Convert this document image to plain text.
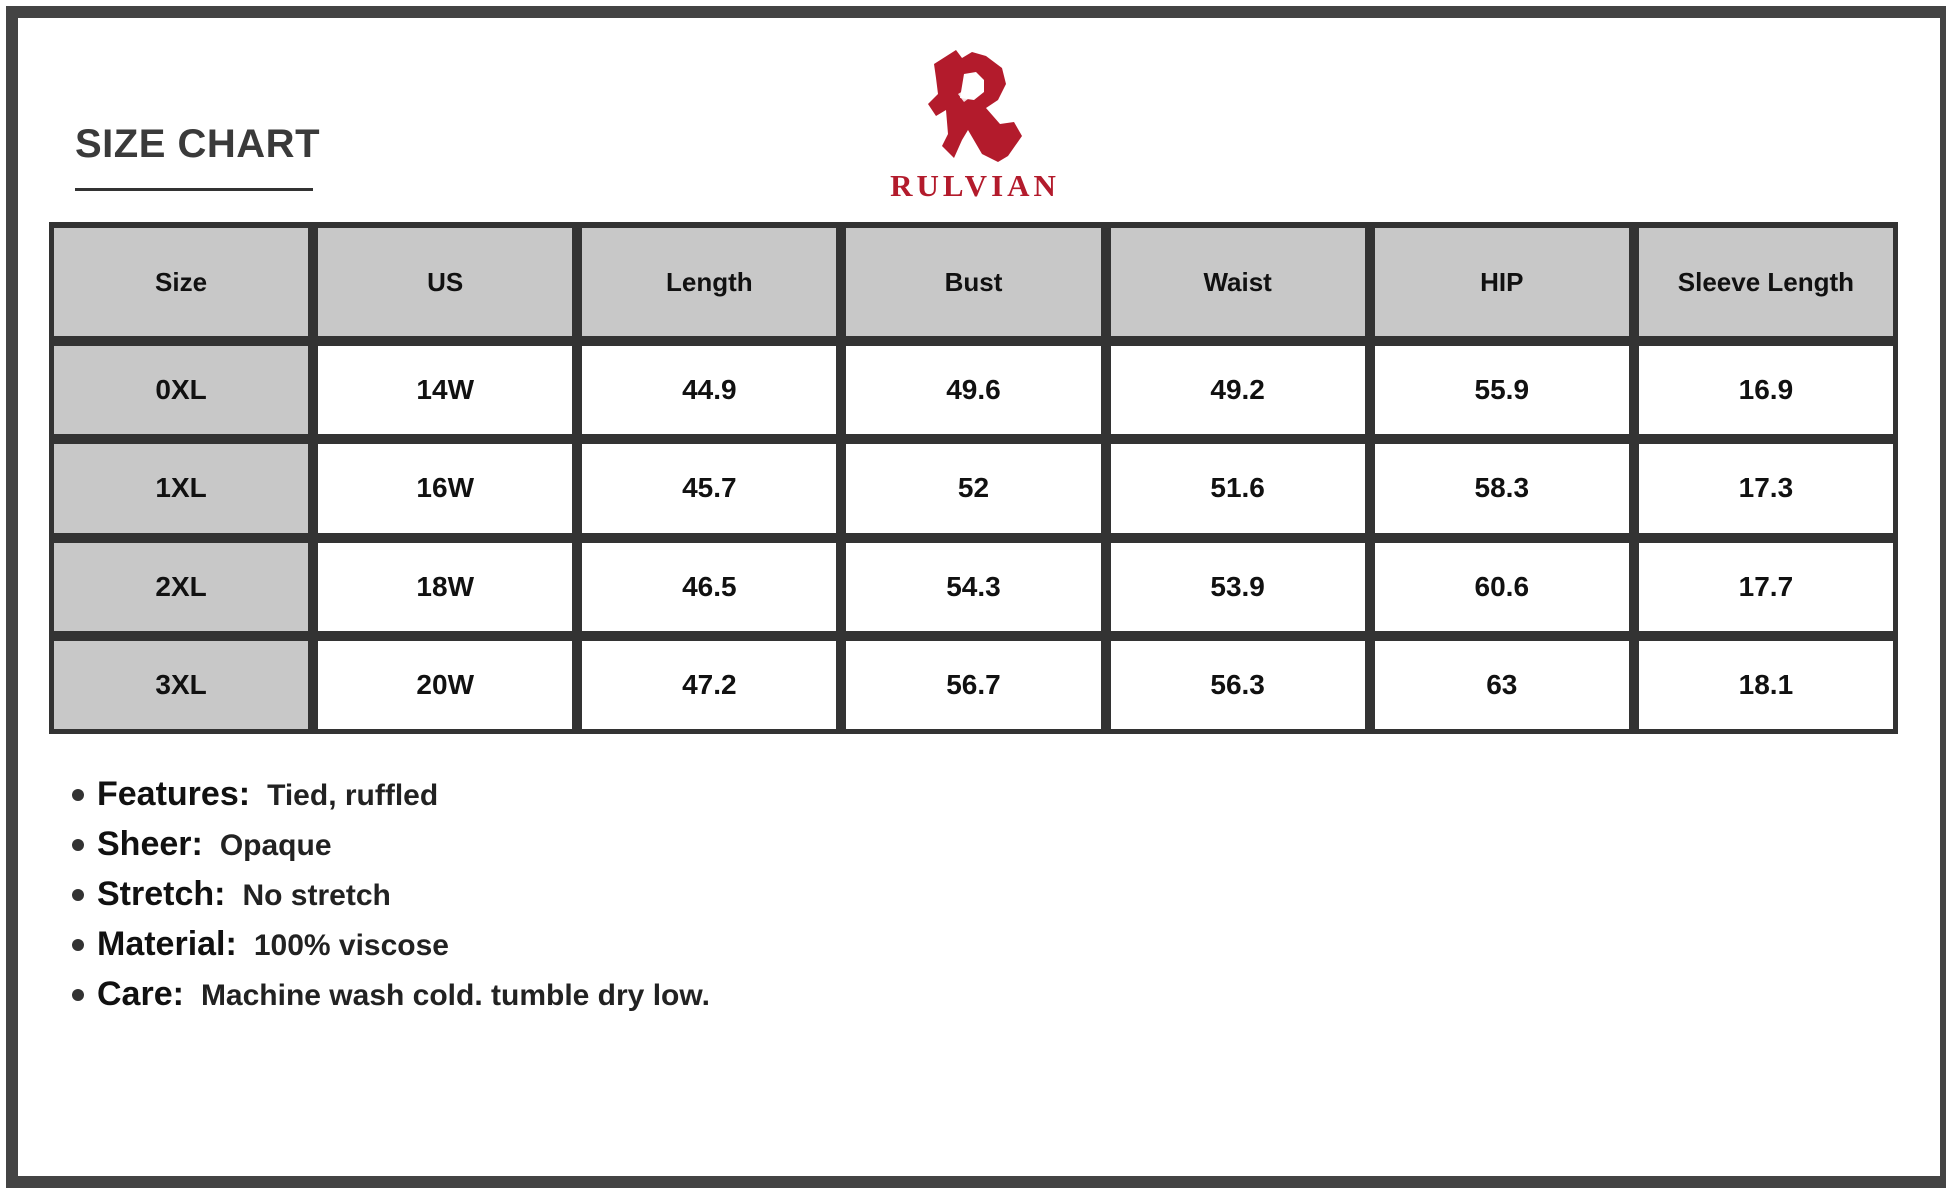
SIZE CHART
RULVIAN
Size	US	Length	Bust	Waist	HIP	Sleeve Length
0XL	14W	44.9	49.6	49.2	55.9	16.9
1XL	16W	45.7	52	51.6	58.3	17.3
2XL	18W	46.5	54.3	53.9	60.6	17.7
3XL	20W	47.2	56.7	56.3	63	18.1
Features: Tied, ruffled
Sheer: Opaque
Stretch: No stretch
Material: 100% viscose
Care: Machine wash cold. tumble dry low.
